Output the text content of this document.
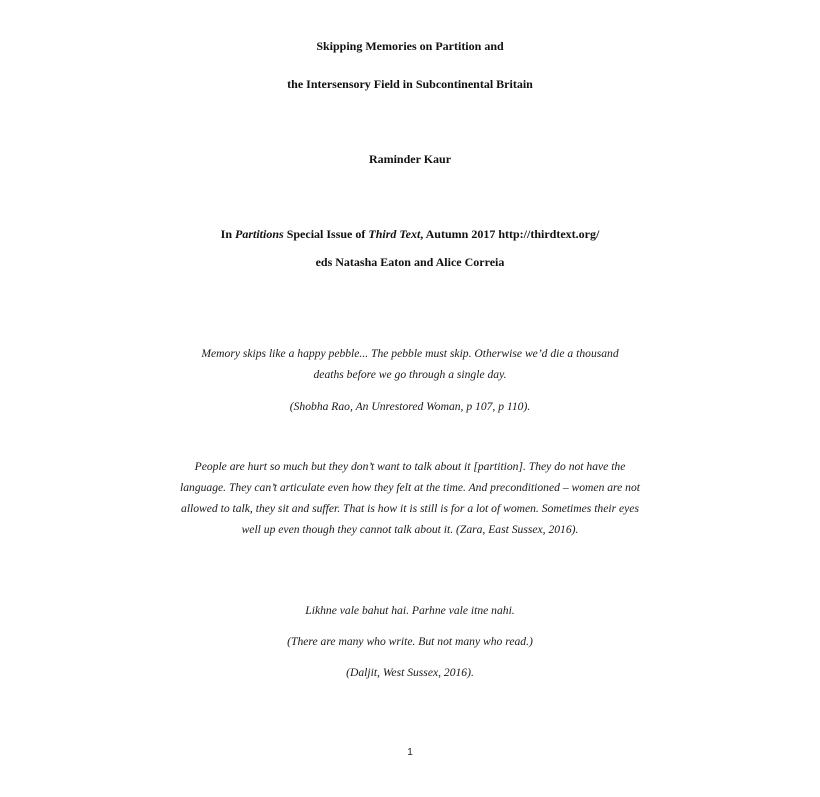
Skipping Memories on Partition and
the Intersensory Field in Subcontinental Britain
Raminder Kaur
In Partitions Special Issue of Third Text, Autumn 2017 http://thirdtext.org/
eds Natasha Eaton and Alice Correia
Memory skips like a happy pebble... The pebble must skip. Otherwise we’d die a thousand deaths before we go through a single day.
(Shobha Rao, An Unrestored Woman, p 107, p 110).
People are hurt so much but they don’t want to talk about it [partition]. They do not have the language. They can’t articulate even how they felt at the time. And preconditioned – women are not allowed to talk, they sit and suffer. That is how it is still is for a lot of women. Sometimes their eyes well up even though they cannot talk about it. (Zara, East Sussex, 2016).
Likhne vale bahut hai. Parhne vale itne nahi.
(There are many who write. But not many who read.)
(Daljit, West Sussex, 2016).
1
